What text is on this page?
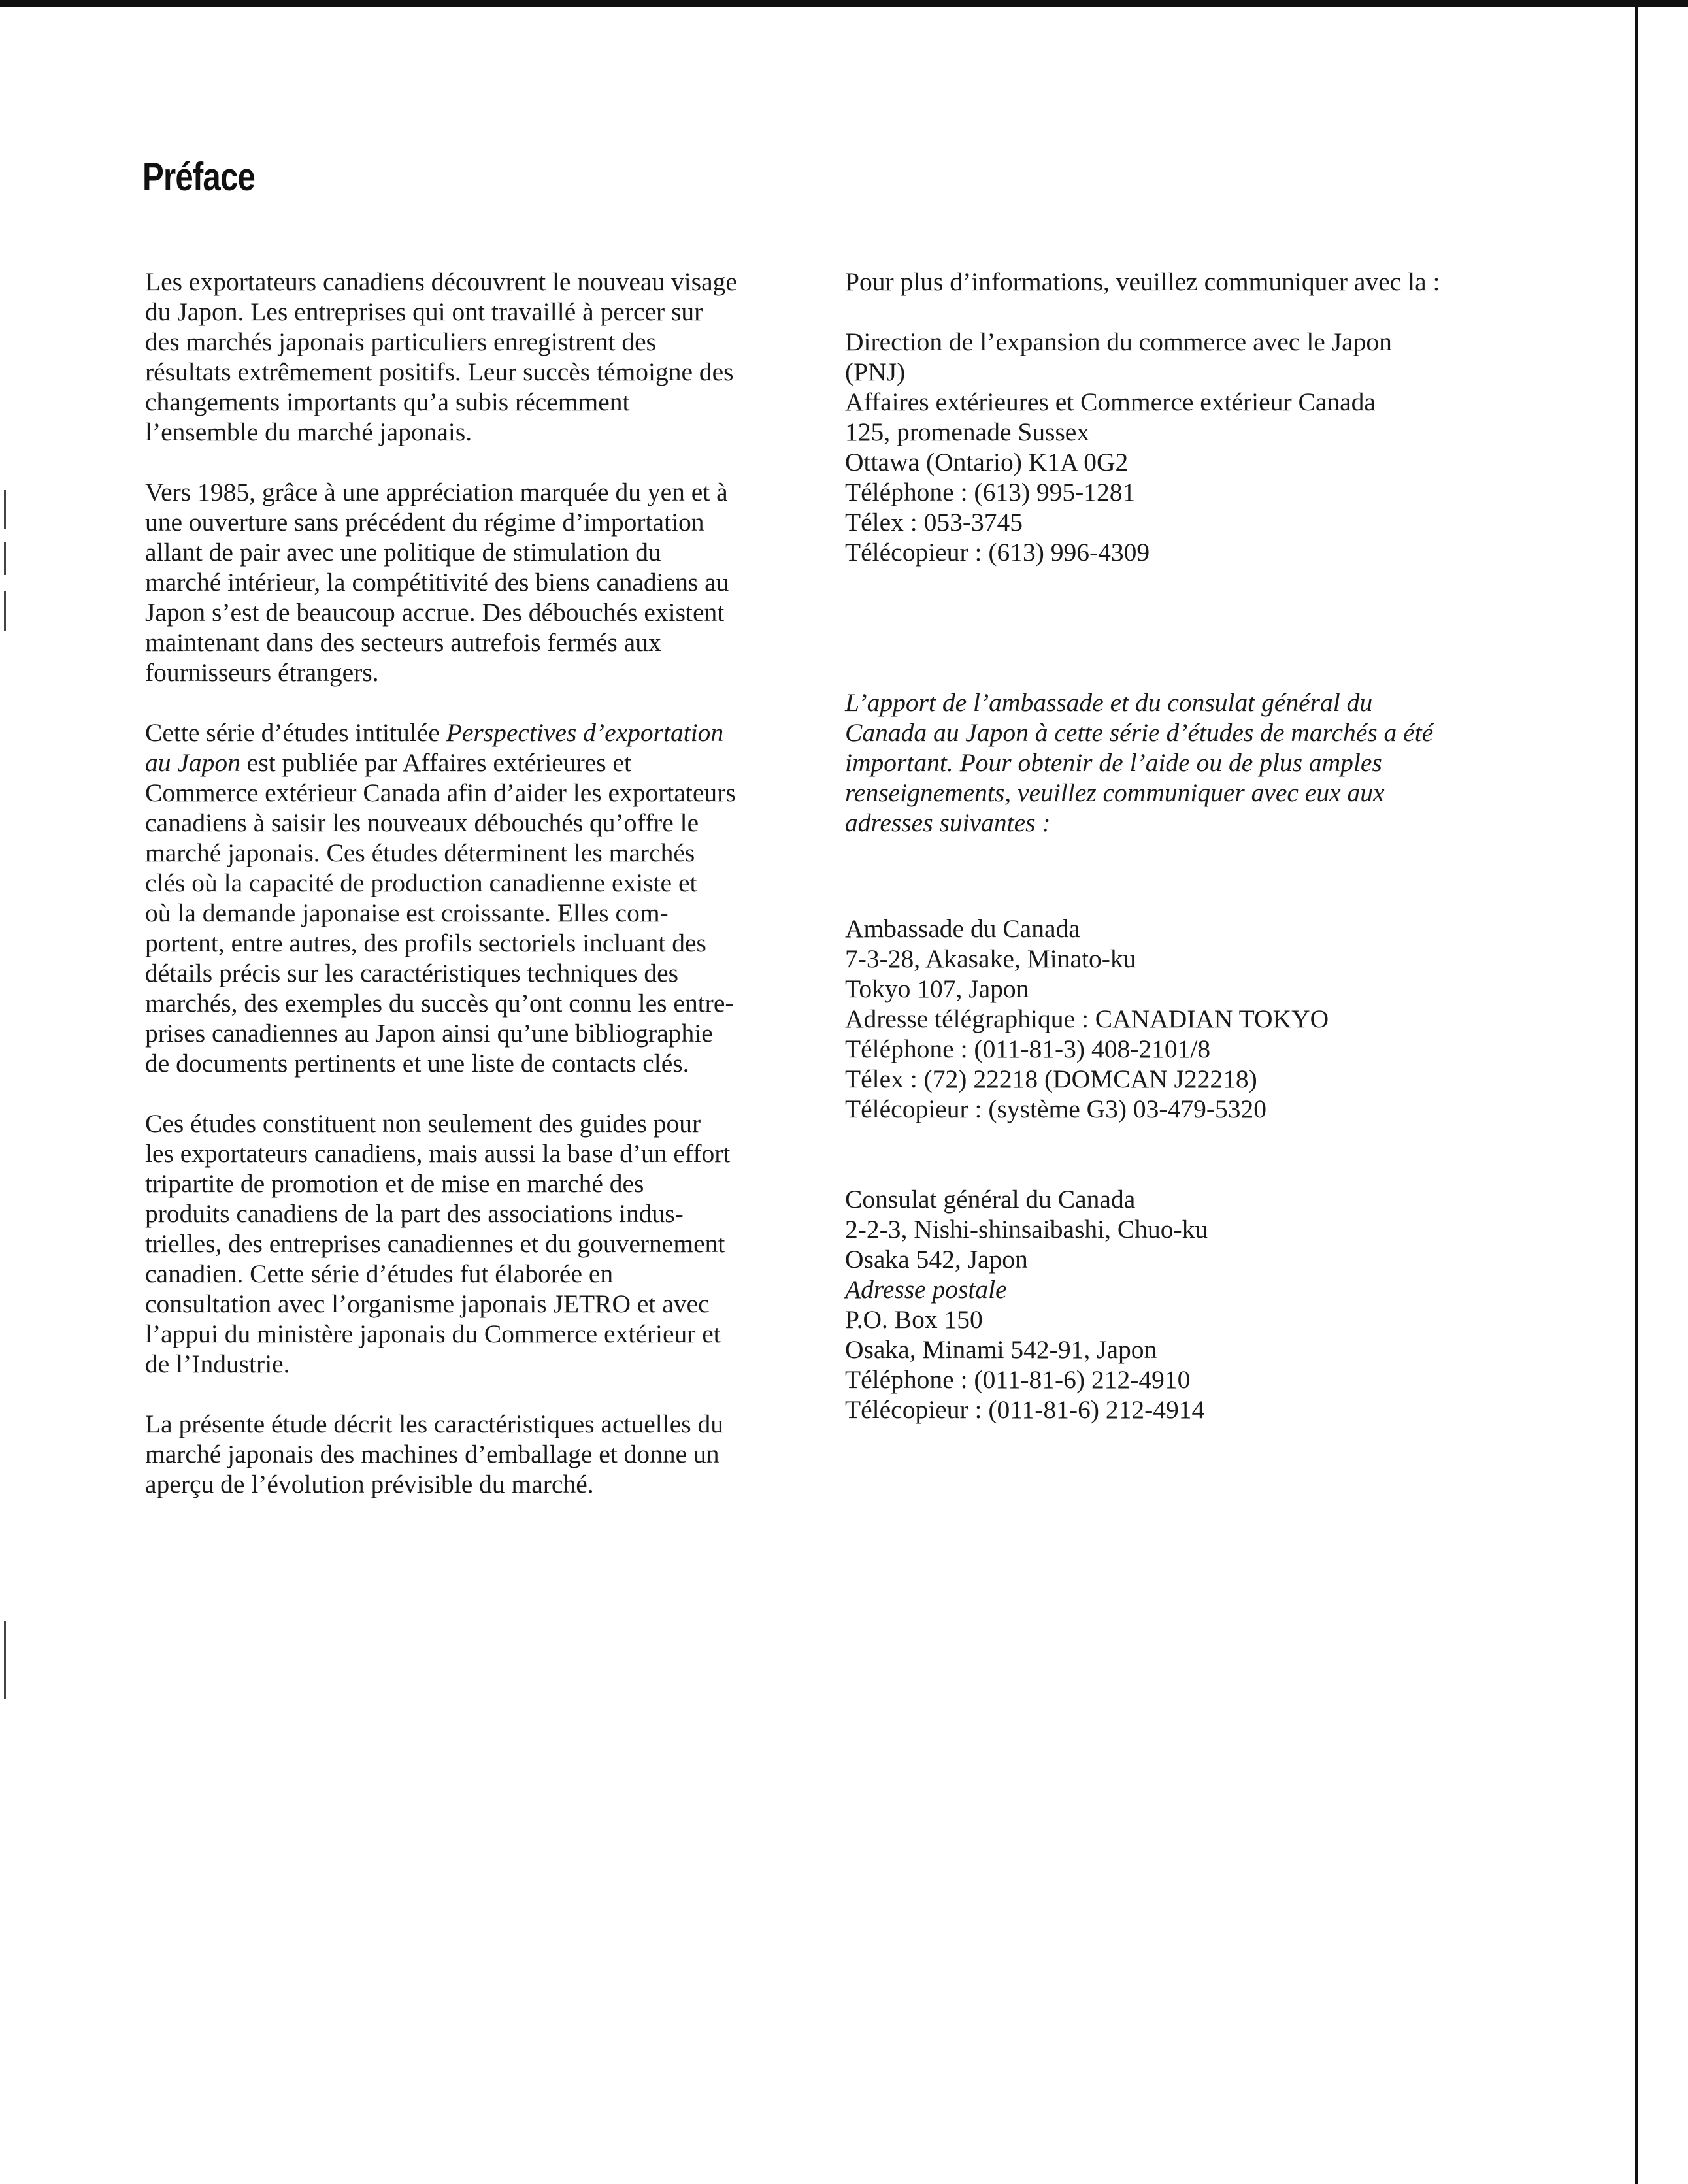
Préface
Les exportateurs canadiens découvrent le nouveau visage
du Japon. Les entreprises qui ont travaillé à percer sur
des marchés japonais particuliers enregistrent des
résultats extrêmement positifs. Leur succès témoigne des
changements importants qu’a subis récemment
l’ensemble du marché japonais.
Vers 1985, grâce à une appréciation marquée du yen et à
une ouverture sans précédent du régime d’importation
allant de pair avec une politique de stimulation du
marché intérieur, la compétitivité des biens canadiens au
Japon s’est de beaucoup accrue. Des débouchés existent
maintenant dans des secteurs autrefois fermés aux
fournisseurs étrangers.
Cette série d’études intitulée Perspectives d’exportation
au Japon est publiée par Affaires extérieures et
Commerce extérieur Canada afin d’aider les exportateurs
canadiens à saisir les nouveaux débouchés qu’offre le
marché japonais. Ces études déterminent les marchés
clés où la capacité de production canadienne existe et
où la demande japonaise est croissante. Elles com-
portent, entre autres, des profils sectoriels incluant des
détails précis sur les caractéristiques techniques des
marchés, des exemples du succès qu’ont connu les entre-
prises canadiennes au Japon ainsi qu’une bibliographie
de documents pertinents et une liste de contacts clés.
Ces études constituent non seulement des guides pour
les exportateurs canadiens, mais aussi la base d’un effort
tripartite de promotion et de mise en marché des
produits canadiens de la part des associations indus-
trielles, des entreprises canadiennes et du gouvernement
canadien. Cette série d’études fut élaborée en
consultation avec l’organisme japonais JETRO et avec
l’appui du ministère japonais du Commerce extérieur et
de l’Industrie.
La présente étude décrit les caractéristiques actuelles du
marché japonais des machines d’emballage et donne un
aperçu de l’évolution prévisible du marché.
Pour plus d’informations, veuillez communiquer avec la :
Direction de l’expansion du commerce avec le Japon
(PNJ)
Affaires extérieures et Commerce extérieur Canada
125, promenade Sussex
Ottawa (Ontario) K1A 0G2
Téléphone : (613) 995-1281
Télex : 053-3745
Télécopieur : (613) 996-4309
L’apport de l’ambassade et du consulat général du
Canada au Japon à cette série d’études de marchés a été
important. Pour obtenir de l’aide ou de plus amples
renseignements, veuillez communiquer avec eux aux
adresses suivantes :
Ambassade du Canada
7-3-28, Akasake, Minato-ku
Tokyo 107, Japon
Adresse télégraphique : CANADIAN TOKYO
Téléphone : (011-81-3) 408-2101/8
Télex : (72) 22218 (DOMCAN J22218)
Télécopieur : (système G3) 03-479-5320
Consulat général du Canada
2-2-3, Nishi-shinsaibashi, Chuo-ku
Osaka 542, Japon
Adresse postale
P.O. Box 150
Osaka, Minami 542-91, Japon
Téléphone : (011-81-6) 212-4910
Télécopieur : (011-81-6) 212-4914
